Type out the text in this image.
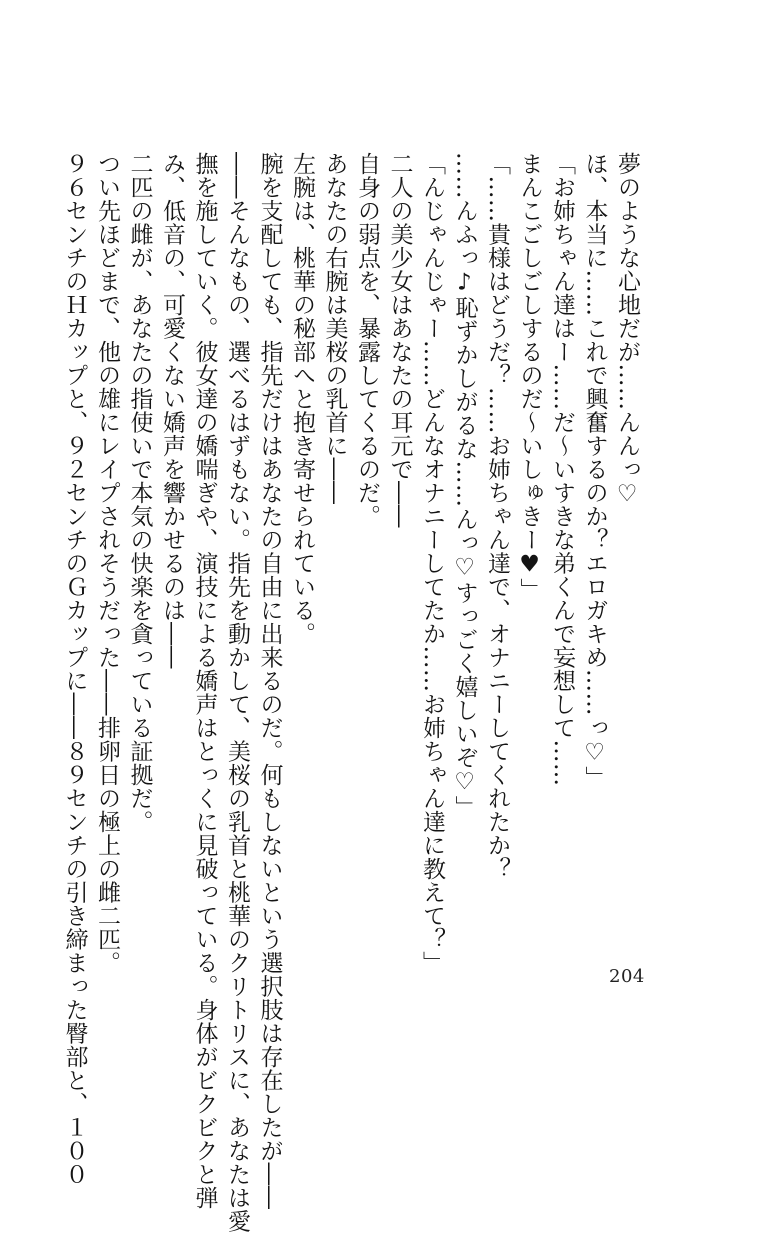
夢のような心地だが……んんっ♡

ほ、本当に……これで興奮するのか？エロガキめ……っ♡」

「お姉ちゃん達はー……だ〜いすきな弟くんで妄想して……

まんこごしごしするのだ〜いしゅきー♥」

「……貴様はどうだ？……お姉ちゃん達で、オナニーしてくれたか？

……んふっ♪恥ずかしがるな……んっ♡すっごく嬉しいぞ♡」

「んじゃんじゃー……どんなオナニーしてたか……お姉ちゃん達に教えて？」

二人の美少女はあなたの耳元で――

自身の弱点を、暴露してくるのだ。

あなたの右腕は美桜の乳首に――

左腕は、桃華の秘部へと抱き寄せられている。

腕を支配しても、指先だけはあなたの自由に出来るのだ。何もしないという選択肢は存在したが――

――そんなもの、選べるはずもない。指先を動かして、美桜の乳首と桃華のクリトリスに、あなたは愛

撫を施していく。彼女達の嬌喘ぎや、演技による嬌声はとっくに見破っている。身体がビクビクと弾

み、低音の、可愛くない嬌声を響かせるのは――

二匹の雌が、あなたの指使いで本気の快楽を貪っている証拠だ。

つい先ほどまで、他の雄にレイプされそうだった――排卵日の極上の雌二匹。

９６センチのＨカップと、９２センチのＧカップに――８９センチの引き締まった臀部と、１００	204
